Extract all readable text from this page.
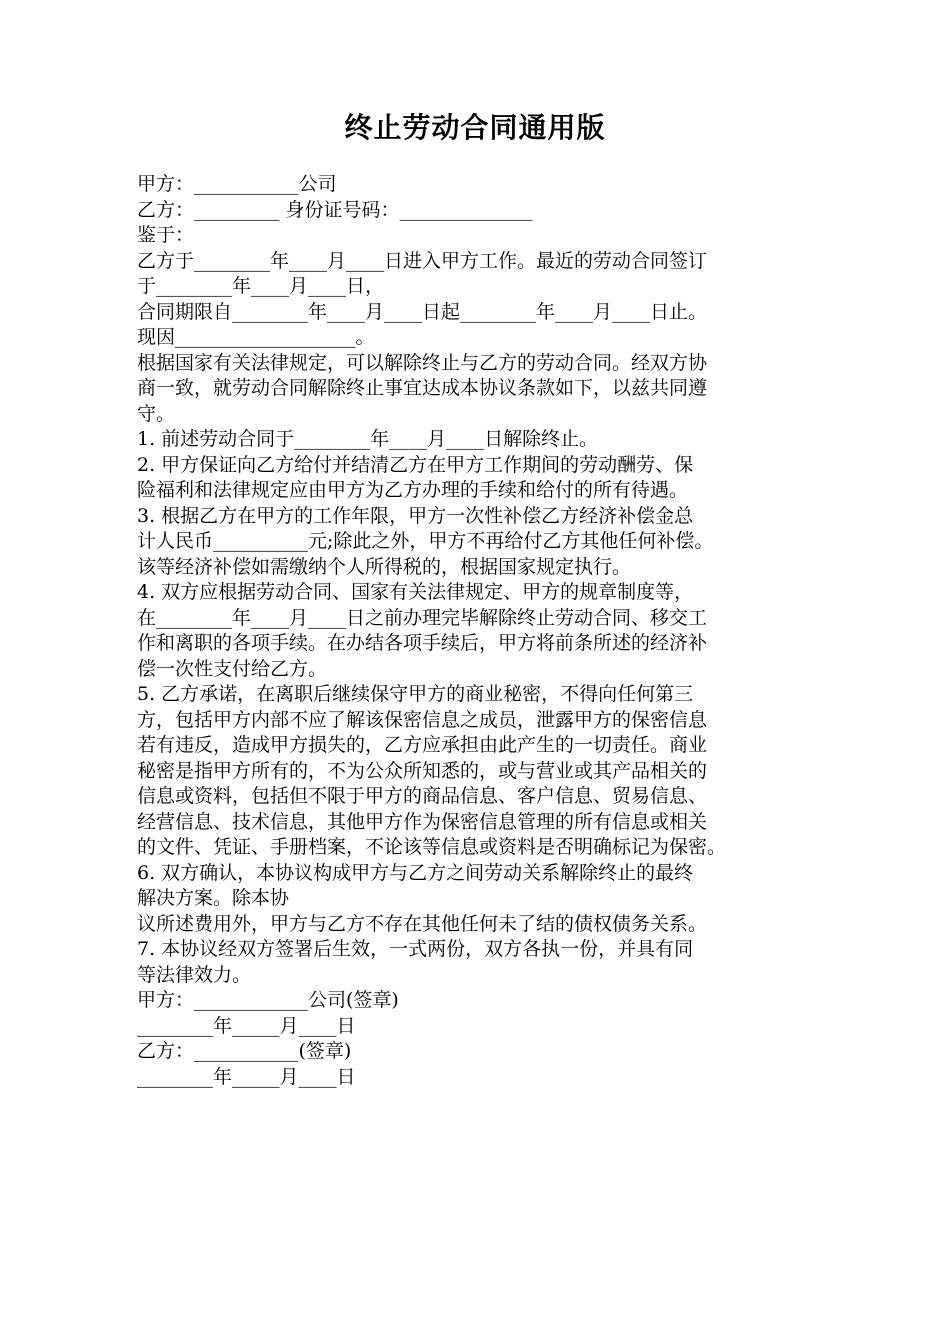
终止劳动合同通用版
甲方：___________公司
乙方：_________ 身份证号码：______________
鉴于：
乙方于________年____月____日进入甲方工作。最近的劳动合同签订
于________年____月____日，
合同期限自________年____月____日起________年____月____日止。
现因___________________。
根据国家有关法律规定，可以解除终止与乙方的劳动合同。经双方协
商一致，就劳动合同解除终止事宜达成本协议条款如下，以兹共同遵
守。
1. 前述劳动合同于________年____月____日解除终止。
2. 甲方保证向乙方给付并结清乙方在甲方工作期间的劳动酬劳、保
险福利和法律规定应由甲方为乙方办理的手续和给付的所有待遇。
3. 根据乙方在甲方的工作年限，甲方一次性补偿乙方经济补偿金总
计人民币__________元;除此之外，甲方不再给付乙方其他任何补偿。
该等经济补偿如需缴纳个人所得税的，根据国家规定执行。
4. 双方应根据劳动合同、国家有关法律规定、甲方的规章制度等，
在________年____月____日之前办理完毕解除终止劳动合同、移交工
作和离职的各项手续。在办结各项手续后，甲方将前条所述的经济补
偿一次性支付给乙方。
5. 乙方承诺，在离职后继续保守甲方的商业秘密，不得向任何第三
方，包括甲方内部不应了解该保密信息之成员，泄露甲方的保密信息
若有违反，造成甲方损失的，乙方应承担由此产生的一切责任。商业
秘密是指甲方所有的，不为公众所知悉的，或与营业或其产品相关的
信息或资料，包括但不限于甲方的商品信息、客户信息、贸易信息、
经营信息、技术信息，其他甲方作为保密信息管理的所有信息或相关
的文件、凭证、手册档案，不论该等信息或资料是否明确标记为保密。
6. 双方确认，本协议构成甲方与乙方之间劳动关系解除终止的最终
解决方案。除本协
议所述费用外，甲方与乙方不存在其他任何未了结的债权债务关系。
7. 本协议经双方签署后生效，一式两份，双方各执一份，并具有同
等法律效力。
甲方：____________公司(签章)
________年_____月____日
乙方：___________(签章)
________年_____月____日
